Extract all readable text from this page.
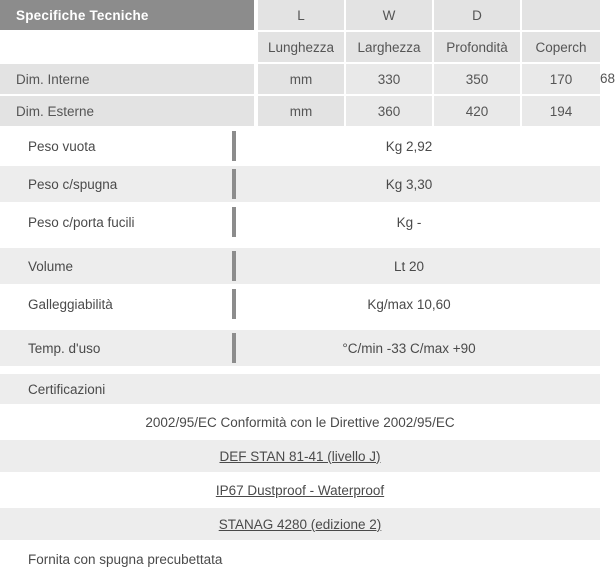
Specifiche Tecniche		L		W		D			
		Lunghezza		Larghezza		Profondità		Coperch	
Dim. Interne		mm		330		350		170		68
Dim. Esterne		mm		360		420		194		
Peso vuota	Kg 2,92
Peso c/spugna	Kg 3,30
Peso c/porta fucili	Kg -
Volume	Lt 20
Galleggiabilità	Kg/max 10,60
Temp. d'uso	°C/min -33 C/max +90
Certificazioni
2002/95/EC Conformità con le Direttive 2002/95/EC
DEF STAN 81-41 (livello J)
IP67 Dustproof - Waterproof
STANAG 4280 (edizione 2)
Fornita con spugna precubettata
